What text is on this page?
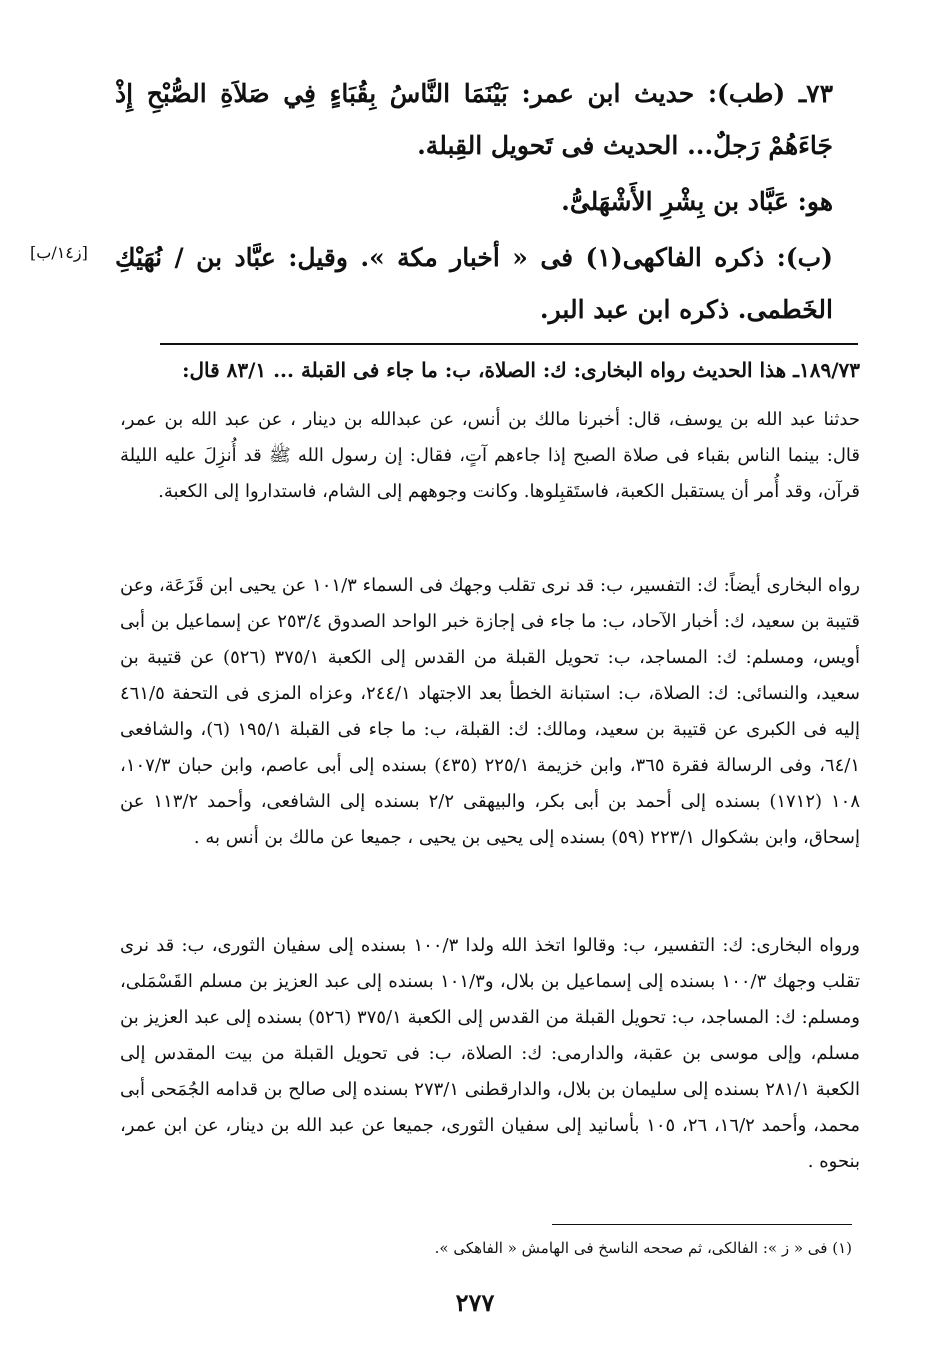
٧٣ـ (طب): حديث ابن عمر: بَيْنَمَا النَّاسُ بِقُبَاءٍ فِي صَلاَةِ الصُّبْحِ إِذْ جَاءَهُمْ رَجلٌ... الحديث فى تَحويل القِبلة.
هو: عَبَّاد بن بِشْرِ الأَشْهَلىُّ.
(ب): ذكره الفاكهى(١) فى « أخبار مكة ». وقيل: عبَّاد بن / نُهَيْكِ الخَطمى. ذكره ابن عبد البر.
[ز١٤/ب]
١٨٩/٧٣ـ هذا الحديث رواه البخارى: ك: الصلاة، ب: ما جاء فى القبلة ... ٨٣/١ قال:
حدثنا عبد الله بن يوسف، قال: أخبرنا مالك بن أنس، عن عبدالله بن دينار ، عن عبد الله بن عمر، قال: بينما الناس بقباء فى صلاة الصبح إذا جاءهم آتٍ، فقال: إن رسول الله ﷺ قد أُنزِلَ عليه الليلة قرآن، وقد أُمر أن يستقبل الكعبة، فاستَقبِلوها. وكانت وجوههم إلى الشام، فاستداروا إلى الكعبة.
رواه البخارى أيضاً: ك: التفسير، ب: قد نرى تقلب وجهك فى السماء ١٠١/٣ عن يحيى ابن قَزَعَة، وعن قتيبة بن سعيد، ك: أخبار الآحاد، ب: ما جاء فى إجازة خبر الواحد الصدوق ٢٥٣/٤ عن إسماعيل بن أبى أويس، ومسلم: ك: المساجد، ب: تحويل القبلة من القدس إلى الكعبة ٣٧٥/١ (٥٢٦) عن قتيبة بن سعيد، والنسائى: ك: الصلاة، ب: استبانة الخطأ بعد الاجتهاد ٢٤٤/١، وعزاه المزى فى التحفة ٤٦١/٥ إليه فى الكبرى عن قتيبة بن سعيد، ومالك: ك: القبلة، ب: ما جاء فى القبلة ١٩٥/١ (٦)، والشافعى ٦٤/١، وفى الرسالة فقرة ٣٦٥، وابن خزيمة ٢٢٥/١ (٤٣٥) بسنده إلى أبى عاصم، وابن حبان ١٠٧/٣، ١٠٨ (١٧١٢) بسنده إلى أحمد بن أبى بكر، والبيهقى ٢/٢ بسنده إلى الشافعى، وأحمد ١١٣/٢ عن إسحاق، وابن بشكوال ٢٢٣/١ (٥٩) بسنده إلى يحيى بن يحيى ، جميعا عن مالك بن أنس به .
ورواه البخارى: ك: التفسير، ب: وقالوا اتخذ الله ولدا ١٠٠/٣ بسنده إلى سفيان الثورى، ب: قد نرى تقلب وجهك ١٠٠/٣ بسنده إلى إسماعيل بن بلال، و١٠١/٣ بسنده إلى عبد العزيز بن مسلم القَسْمَلى، ومسلم: ك: المساجد، ب: تحويل القبلة من القدس إلى الكعبة ٣٧٥/١ (٥٢٦) بسنده إلى عبد العزيز بن مسلم، وإلى موسى بن عقبة، والدارمى: ك: الصلاة، ب: فى تحويل القبلة من بيت المقدس إلى الكعبة ٢٨١/١ بسنده إلى سليمان بن بلال، والدارقطنى ٢٧٣/١ بسنده إلى صالح بن قدامه الجُمَحى أبى محمد، وأحمد ١٦/٢، ٢٦، ١٠٥ بأسانيد إلى سفيان الثورى، جميعا عن عبد الله بن دينار، عن ابن عمر، بنحوه .
(١) فى « ز »: الفالكى، ثم صححه الناسخ فى الهامش « الفاهكى ».
٢٧٧
